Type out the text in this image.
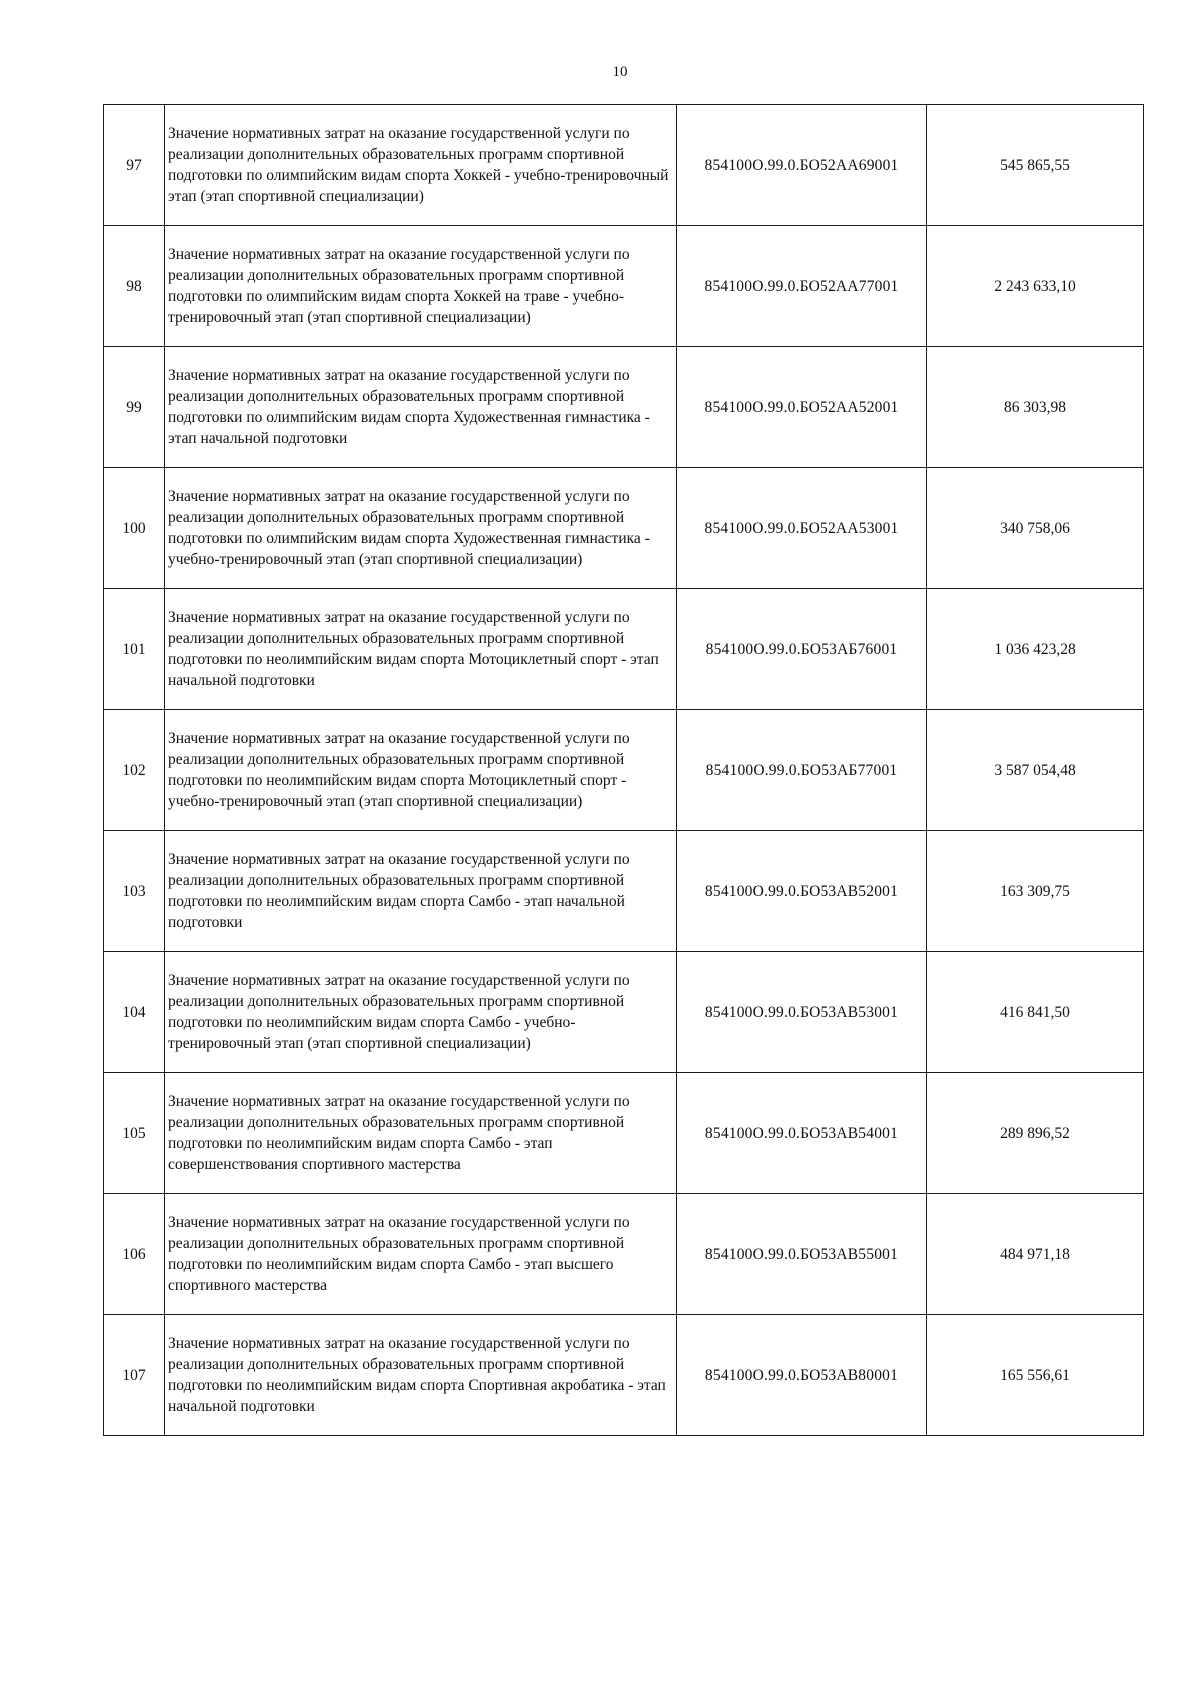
10
97	Значение нормативных затрат на оказание государственной услуги по реализации дополнительных образовательных программ спортивной подготовки по олимпийским видам спорта Хоккей - учебно-тренировочный этап (этап спортивной специализации)	854100О.99.0.БО52АА69001	545 865,55
98	Значение нормативных затрат на оказание государственной услуги по реализации дополнительных образовательных программ спортивной подготовки по олимпийским видам спорта Хоккей на траве - учебно-тренировочный этап (этап спортивной специализации)	854100О.99.0.БО52АА77001	2 243 633,10
99	Значение нормативных затрат на оказание государственной услуги по реализации дополнительных образовательных программ спортивной подготовки по олимпийским видам спорта Художественная гимнастика - этап начальной подготовки	854100О.99.0.БО52АА52001	86 303,98
100	Значение нормативных затрат на оказание государственной услуги по реализации дополнительных образовательных программ спортивной подготовки по олимпийским видам спорта Художественная гимнастика - учебно-тренировочный этап (этап спортивной специализации)	854100О.99.0.БО52АА53001	340 758,06
101	Значение нормативных затрат на оказание государственной услуги по реализации дополнительных образовательных программ спортивной подготовки по неолимпийским видам спорта Мотоциклетный спорт - этап начальной подготовки	854100О.99.0.БО53АБ76001	1 036 423,28
102	Значение нормативных затрат на оказание государственной услуги по реализации дополнительных образовательных программ спортивной подготовки по неолимпийским видам спорта Мотоциклетный спорт - учебно-тренировочный этап (этап спортивной специализации)	854100О.99.0.БО53АБ77001	3 587 054,48
103	Значение нормативных затрат на оказание государственной услуги по реализации дополнительных образовательных программ спортивной подготовки по неолимпийским видам спорта Самбо - этап начальной подготовки	854100О.99.0.БО53АВ52001	163 309,75
104	Значение нормативных затрат на оказание государственной услуги по реализации дополнительных образовательных программ спортивной подготовки по неолимпийским видам спорта Самбо - учебно-тренировочный этап (этап спортивной специализации)	854100О.99.0.БО53АВ53001	416 841,50
105	Значение нормативных затрат на оказание государственной услуги по реализации дополнительных образовательных программ спортивной подготовки по неолимпийским видам спорта Самбо - этап совершенствования спортивного мастерства	854100О.99.0.БО53АВ54001	289 896,52
106	Значение нормативных затрат на оказание государственной услуги по реализации дополнительных образовательных программ спортивной подготовки по неолимпийским видам спорта Самбо - этап высшего спортивного мастерства	854100О.99.0.БО53АВ55001	484 971,18
107	Значение нормативных затрат на оказание государственной услуги по реализации дополнительных образовательных программ спортивной подготовки по неолимпийским видам спорта Спортивная акробатика - этап начальной подготовки	854100О.99.0.БО53АВ80001	165 556,61
